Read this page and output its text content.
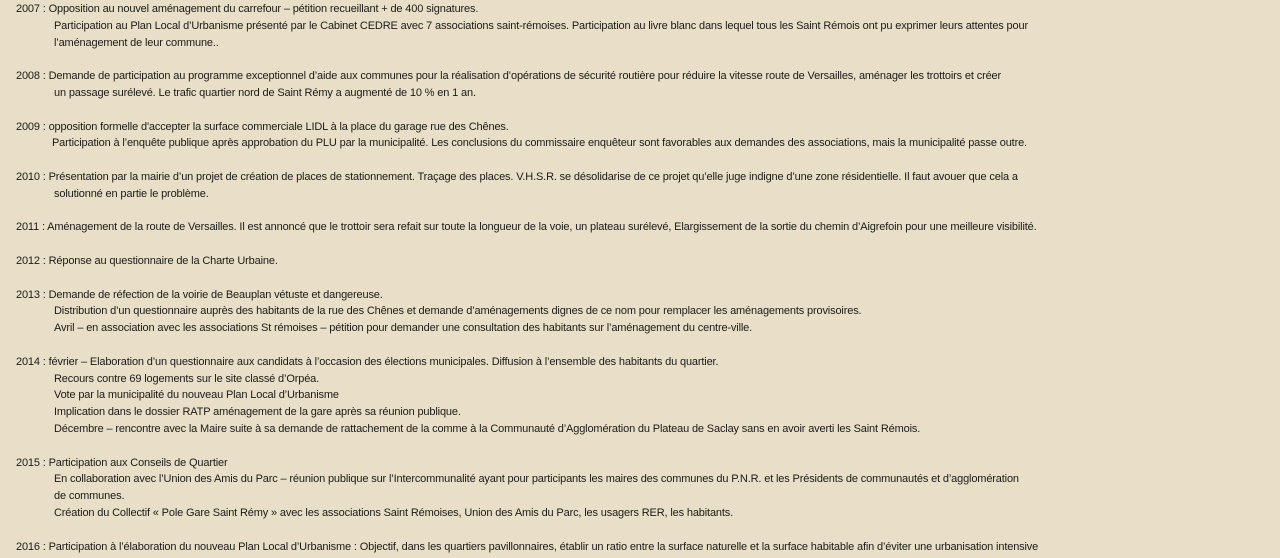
2007 : Opposition au nouvel aménagement du carrefour – pétition recueillant + de 400 signatures.
Participation au Plan Local d’Urbanisme présenté par le Cabinet CEDRE avec 7 associations saint-rémoises. Participation au livre blanc dans lequel tous les Saint Rémois ont pu exprimer leurs attentes pour
l’aménagement de leur commune..
2008 : Demande de participation au programme exceptionnel d’aide aux communes pour la réalisation d’opérations de sécurité routière pour réduire la vitesse route de Versailles, aménager les trottoirs et créer
un passage surélevé. Le trafic quartier nord de Saint Rémy a augmenté de 10 % en 1 an.
2009 : opposition formelle d'accepter la surface commerciale LIDL à la place du garage rue des Chênes.
Participation à l’enquête publique après approbation du PLU par la municipalité. Les conclusions du commissaire enquêteur sont favorables aux demandes des associations, mais la municipalité passe outre.
2010 : Présentation par la mairie d’un projet de création de places de stationnement. Traçage des places. V.H.S.R. se désolidarise de ce projet qu’elle juge indigne d’une zone résidentielle. Il faut avouer que cela a
solutionné en partie le problème.
2011 : Aménagement de la route de Versailles. Il est annoncé que le trottoir sera refait sur toute la longueur de la voie, un plateau surélevé, Elargissement de la sortie du chemin d’Aigrefoin pour une meilleure visibilité.
2012 : Réponse au questionnaire de la Charte Urbaine.
2013 : Demande de réfection de la voirie de Beauplan vétuste et dangereuse.
Distribution d’un questionnaire auprès des habitants de la rue des Chênes et demande d’aménagements dignes de ce nom pour remplacer les aménagements provisoires.
Avril – en association avec les associations St rémoises – pétition pour demander une consultation des habitants sur l’aménagement du centre-ville.
2014 : février – Elaboration d’un questionnaire aux candidats à l’occasion des élections municipales. Diffusion à l’ensemble des habitants du quartier.
Recours contre 69 logements sur le site classé d’Orpéa.
Vote par la municipalité du nouveau Plan Local d’Urbanisme
Implication dans le dossier RATP aménagement de la gare après sa réunion publique.
Décembre – rencontre avec la Maire suite à sa demande de rattachement de la comme à la Communauté d’Agglomération du Plateau de Saclay sans en avoir averti les Saint Rémois.
2015 : Participation aux Conseils de Quartier
En collaboration avec l’Union des Amis du Parc – réunion publique sur l’Intercommunalité ayant pour participants les maires des communes du P.N.R. et les Présidents de communautés et d’agglomération
de communes.
Création du Collectif « Pole Gare Saint Rémy » avec les associations Saint Rémoises, Union des Amis du Parc, les usagers RER, les habitants.
2016 : Participation à l’élaboration du nouveau Plan Local d’Urbanisme : Objectif, dans les quartiers pavillonnaires, établir un ratio entre la surface naturelle et la surface habitable afin d’éviter une urbanisation intensive
